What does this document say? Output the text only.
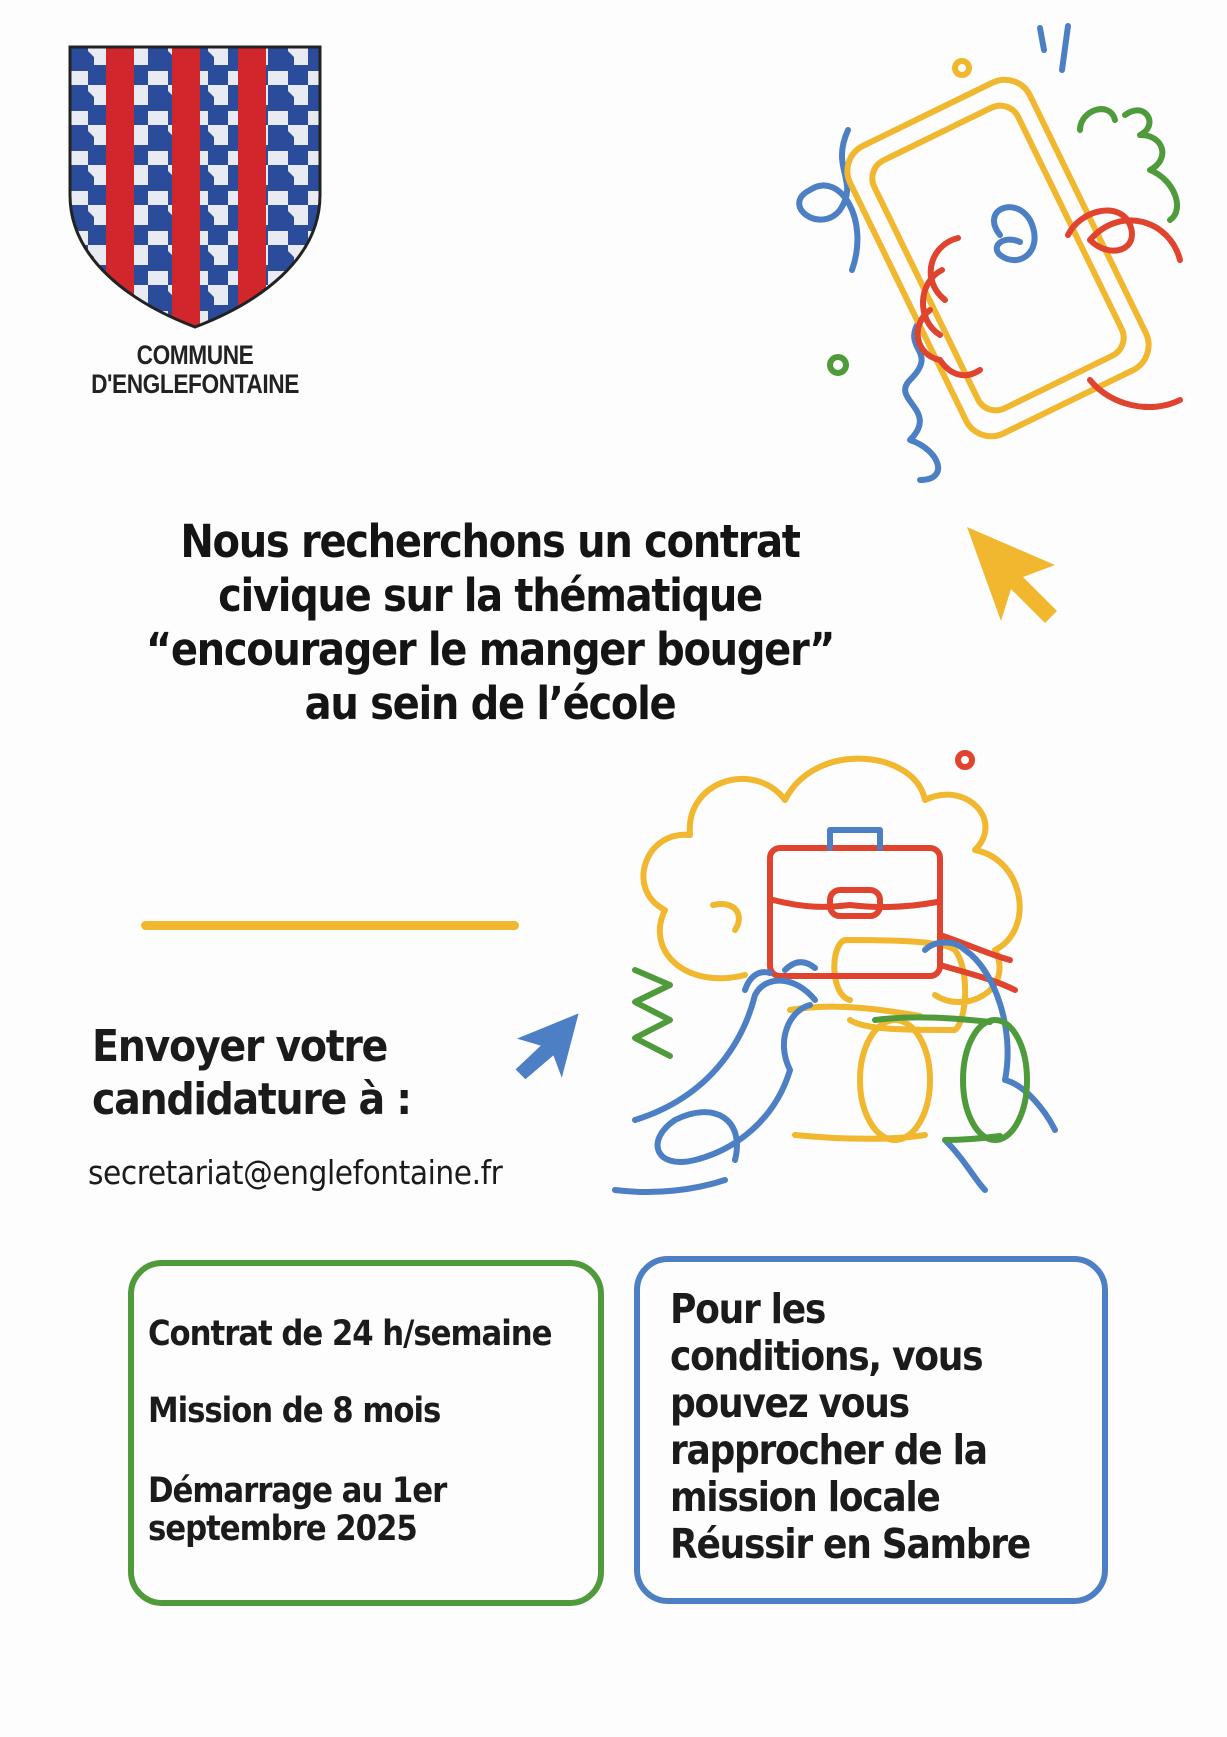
COMMUNE
D'ENGLEFONTAINE
Nous recherchons un contrat
civique sur la thématique
“encourager le manger bouger”
au sein de l’école
Envoyer votre
candidature à :
secretariat@englefontaine.fr
Contrat de 24 h/semaine
Mission de 8 mois
Démarrage au 1er
septembre 2025
Pour les
conditions, vous
pouvez vous
rapprocher de la
mission locale
Réussir en Sambre
